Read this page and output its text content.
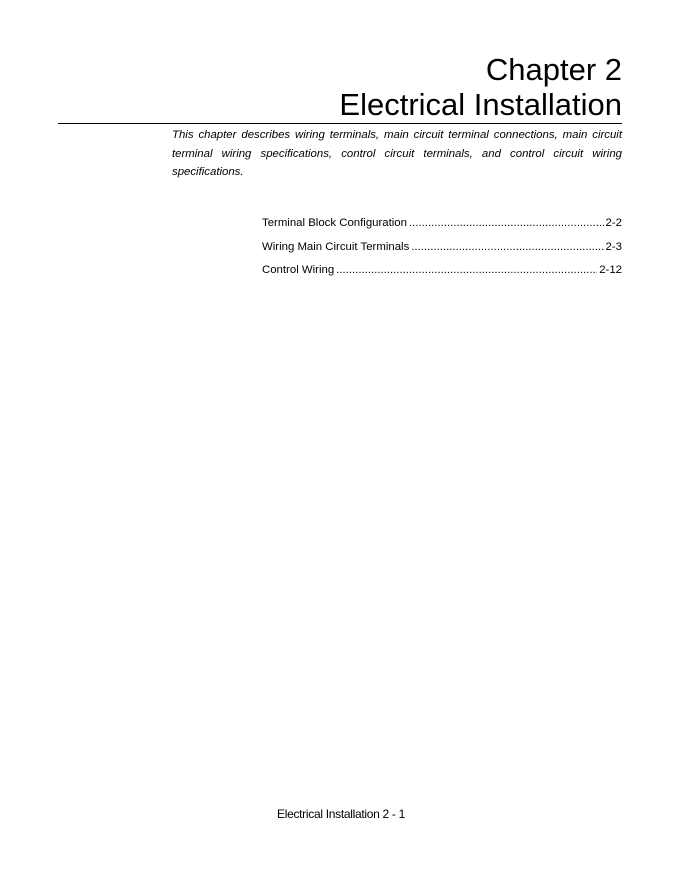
Chapter 2
Electrical Installation

This chapter describes wiring terminals, main circuit terminal connections, main circuit terminal wiring specifications, control circuit terminals, and control circuit wiring specifications.

Terminal Block Configuration .....	2-2
Wiring Main Circuit Terminals .....	2-3
Control Wiring .....	2-12
Electrical Installation 2 - 1
